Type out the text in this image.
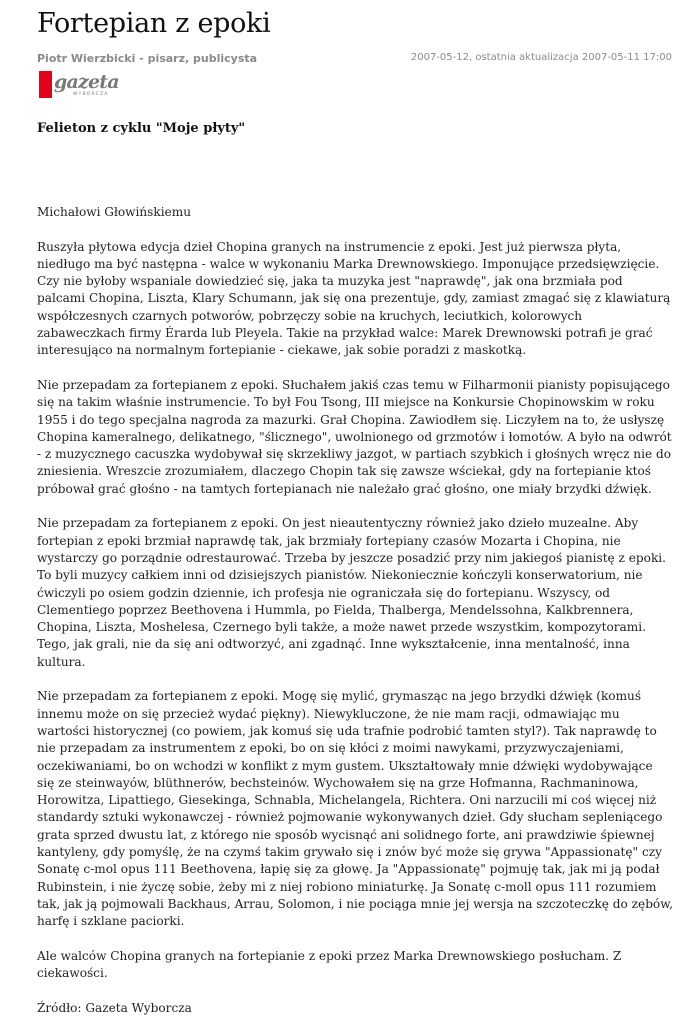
Fortepian z epoki
Piotr Wierzbicki - pisarz, publicysta	2007-05-12, ostatnia aktualizacja 2007-05-11 17:00
gazeta
WYBORCZA
Felieton z cyklu "Moje płyty"

Michałowi Głowińskiemu

Ruszyła płytowa edycja dzieł Chopina granych na instrumencie z epoki. Jest już pierwsza płyta, niedługo ma być następna - walce w wykonaniu Marka Drewnowskiego. Imponujące przedsięwzięcie. Czy nie byłoby wspaniale dowiedzieć się, jaka ta muzyka jest "naprawdę", jak ona brzmiała pod palcami Chopina, Liszta, Klary Schumann, jak się ona prezentuje, gdy, zamiast zmagać się z klawiaturą współczesnych czarnych potworów, pobrzęczy sobie na kruchych, leciutkich, kolorowych zabaweczkach firmy Érarda lub Pleyela. Takie na przykład walce: Marek Drewnowski potrafi je grać interesująco na normalnym fortepianie - ciekawe, jak sobie poradzi z maskotką.

Nie przepadam za fortepianem z epoki. Słuchałem jakiś czas temu w Filharmonii pianisty popisującego się na takim właśnie instrumencie. To był Fou Tsong, III miejsce na Konkursie Chopinowskim w roku 1955 i do tego specjalna nagroda za mazurki. Grał Chopina. Zawiodłem się. Liczyłem na to, że usłyszę Chopina kameralnego, delikatnego, "ślicznego", uwolnionego od grzmotów i łomotów. A było na odwrót - z muzycznego cacuszka wydobywał się skrzekliwy jazgot, w partiach szybkich i głośnych wręcz nie do zniesienia. Wreszcie zrozumiałem, dlaczego Chopin tak się zawsze wściekał, gdy na fortepianie ktoś próbował grać głośno - na tamtych fortepianach nie należało grać głośno, one miały brzydki dźwięk.

Nie przepadam za fortepianem z epoki. On jest nieautentyczny również jako dzieło muzealne. Aby fortepian z epoki brzmiał naprawdę tak, jak brzmiały fortepiany czasów Mozarta i Chopina, nie wystarczy go porządnie odrestaurować. Trzeba by jeszcze posadzić przy nim jakiegoś pianistę z epoki. To byli muzycy całkiem inni od dzisiejszych pianistów. Niekoniecznie kończyli konserwatorium, nie ćwiczyli po osiem godzin dziennie, ich profesja nie ograniczała się do fortepianu. Wszyscy, od Clementiego poprzez Beethovena i Hummla, po Fielda, Thalberga, Mendelssohna, Kalkbrennera, Chopina, Liszta, Moshelesa, Czernego byli także, a może nawet przede wszystkim, kompozytorami. Tego, jak grali, nie da się ani odtworzyć, ani zgadnąć. Inne wykształcenie, inna mentalność, inna kultura.

Nie przepadam za fortepianem z epoki. Mogę się mylić, grymasząc na jego brzydki dźwięk (komuś innemu może on się przecież wydać piękny). Niewykluczone, że nie mam racji, odmawiając mu wartości historycznej (co powiem, jak komuś się uda trafnie podrobić tamten styl?). Tak naprawdę to nie przepadam za instrumentem z epoki, bo on się kłóci z moimi nawykami, przyzwyczajeniami, oczekiwaniami, bo on wchodzi w konflikt z mym gustem. Ukształtowały mnie dźwięki wydobywające się ze steinwayów, blüthnerów, bechsteinów. Wychowałem się na grze Hofmanna, Rachmaninowa, Horowitza, Lipattiego, Giesekinga, Schnabla, Michelangela, Richtera. Oni narzucili mi coś więcej niż standardy sztuki wykonawczej - również pojmowanie wykonywanych dzieł. Gdy słucham sepleniącego grata sprzed dwustu lat, z którego nie sposób wycisnąć ani solidnego forte, ani prawdziwie śpiewnej kantyleny, gdy pomyślę, że na czymś takim grywało się i znów być może się grywa "Appassionatę" czy Sonatę c-mol opus 111 Beethovena, łapię się za głowę. Ja "Appassionatę" pojmuję tak, jak mi ją podał Rubinstein, i nie życzę sobie, żeby mi z niej robiono miniaturkę. Ja Sonatę c-moll opus 111 rozumiem tak, jak ją pojmowali Backhaus, Arrau, Solomon, i nie pociąga mnie jej wersja na szczoteczkę do zębów, harfę i szklane paciorki.

Ale walców Chopina granych na fortepianie z epoki przez Marka Drewnowskiego posłucham. Z ciekawości.

Źródło: Gazeta Wyborcza
